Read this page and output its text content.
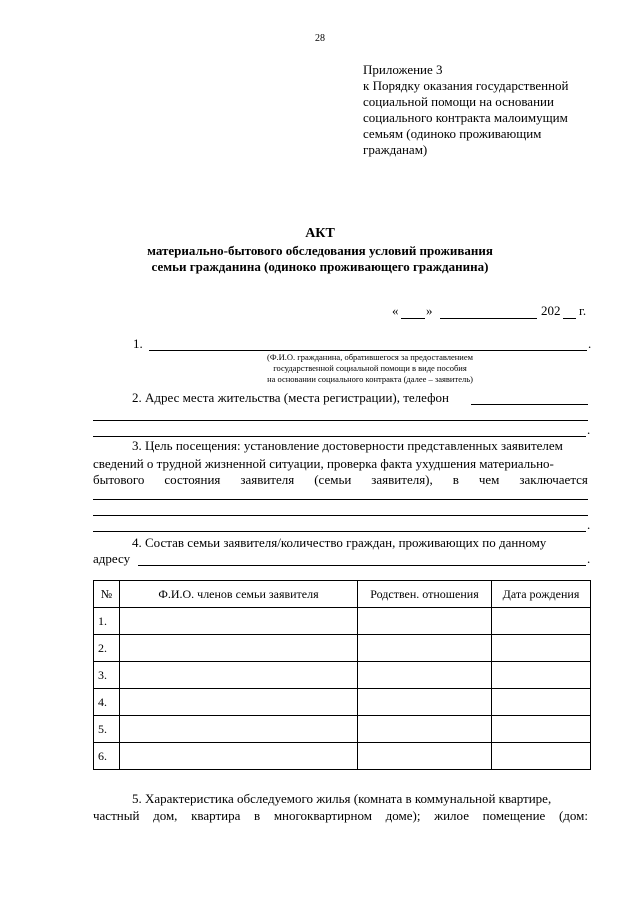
28
Приложение 3
к Порядку оказания государственной
социальной помощи на основании
социального контракта малоимущим
семьям (одиноко проживающим
гражданам)
АКТ
материально-бытового обследования условий проживания
семьи гражданина (одиноко проживающего гражданина)
« »	202 г.
1.	.
(Ф.И.О. гражданина, обратившегося за предоставлением
государственной социальной помощи в виде пособия
на основании социального контракта (далее – заявитель)
2. Адрес места жительства (места регистрации), телефон
.
3. Цель посещения: установление достоверности представленных заявителем
сведений о трудной жизненной ситуации, проверка факта ухудшения материально-
бытового состояния заявителя (семьи заявителя), в чем заключается
.
4. Состав семьи заявителя/количество граждан, проживающих по данному
адресу	.
№	Ф.И.О. членов семьи заявителя	Родствен. отношения	Дата рождения
1.			
2.			
3.			
4.			
5.			
6.			
5. Характеристика обследуемого жилья (комната в коммунальной квартире,
частный дом, квартира в многоквартирном доме); жилое помещение (дом:
